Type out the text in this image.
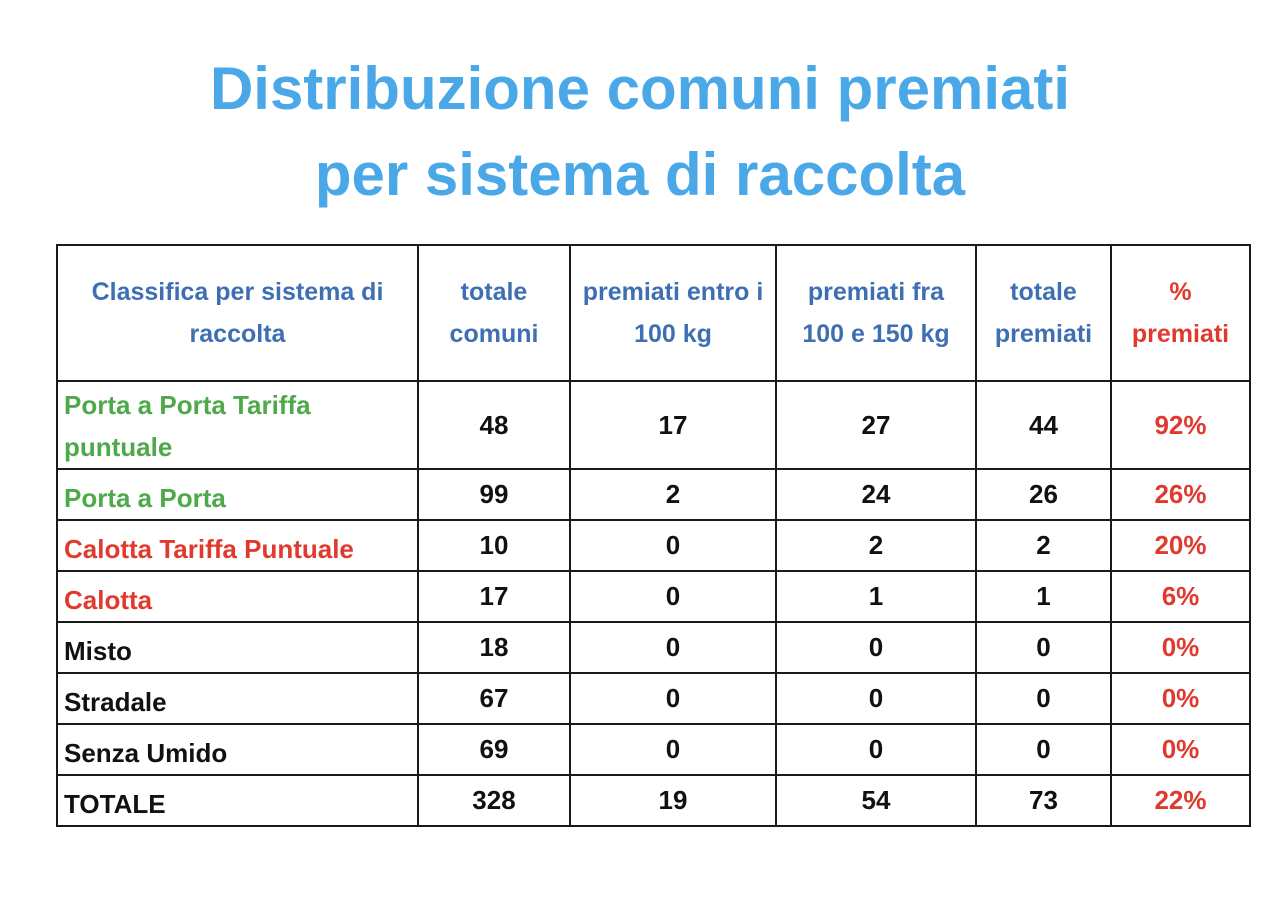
Distribuzione comuni premiati
per sistema di raccolta
Classifica per sistema di raccolta	totale comuni	premiati entro i 100 kg	premiati fra 100 e 150 kg	totale premiati	% premiati
Porta a Porta Tariffa puntuale	48	17	27	44	92%
Porta a Porta	99	2	24	26	26%
Calotta Tariffa Puntuale	10	0	2	2	20%
Calotta	17	0	1	1	6%
Misto	18	0	0	0	0%
Stradale	67	0	0	0	0%
Senza Umido	69	0	0	0	0%
TOTALE	328	19	54	73	22%
